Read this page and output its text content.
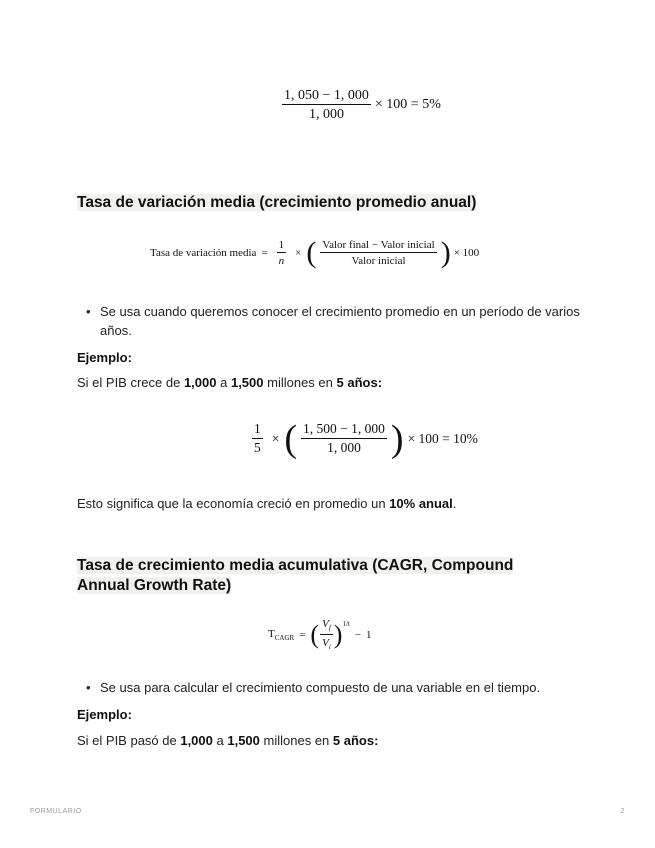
$\frac{1, 050 - 1, 000}{1, 000} \times 100 = 5\%$
Tasa de variación media (crecimiento promedio anual)
Tasa de variación media = $\frac{1}{n}$ × ( $\frac{\text{Valor final − Valor inicial}}{\text{Valor inicial}}$ ) × 100
• Se usa cuando queremos conocer el crecimiento promedio en un período de varios años.

Ejemplo:

Si el PIB crece de 1,000 a 1,500 millones en 5 años:

$\frac{1}{5}$ × ( $\frac{1, 500 - 1, 000}{1, 000}$ ) × 100 = 10%

Esto significa que la economía creció en promedio un 10% anual.

Tasa de crecimiento media acumulativa (CAGR, Compound
Annual Growth Rate)
$T_{CAGR}$ = ( $\frac{V_f}{V_i} )^{1/t}$
− 1
• Se usa para calcular el crecimiento compuesto de una variable en el tiempo.

Ejemplo:

Si el PIB pasó de 1,000 a 1,500 millones en 5 años:

FORMULARIO	2
